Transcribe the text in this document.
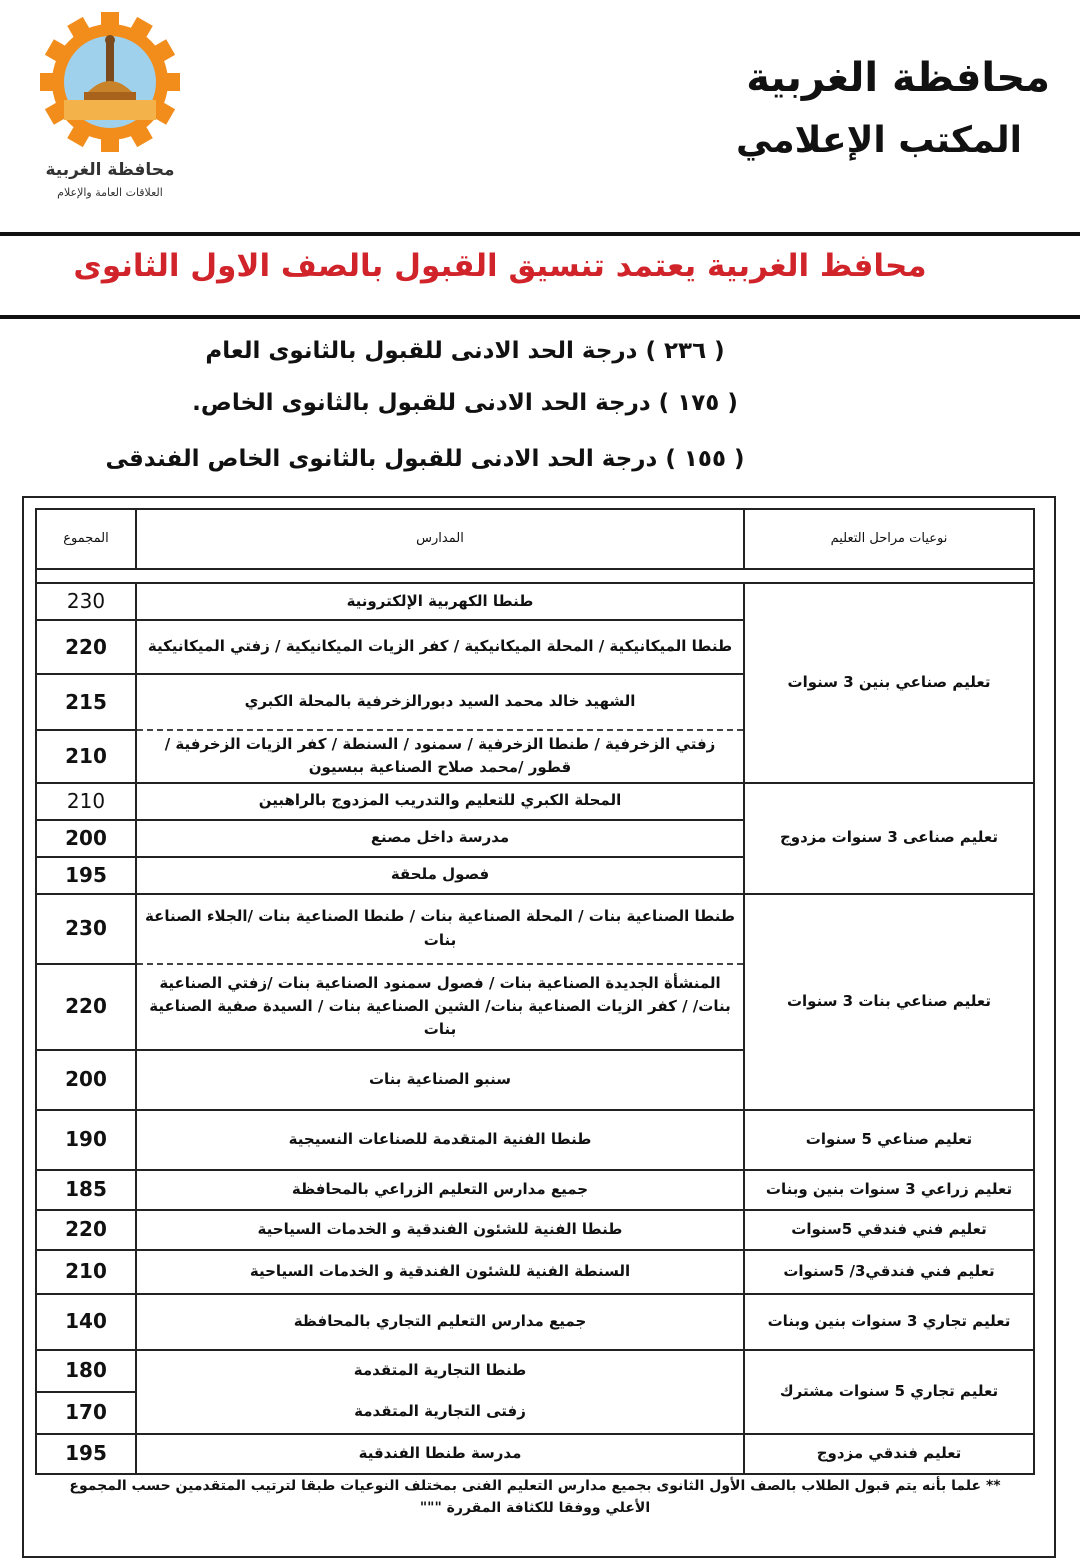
محافظة الغربية
العلاقات العامة والإعلام
محافظة الغربية
المكتب الإعلامي
محافظ الغربية يعتمد تنسيق القبول بالصف الاول الثانوى
( ٢٣٦ ) درجة الحد الادنى للقبول بالثانوى العام
( ١٧٥ ) درجة الحد الادنى للقبول بالثانوى الخاص.
( ١٥٥ ) درجة الحد الادنى للقبول بالثانوى الخاص الفندقى
نوعيات مراحل التعليم	المدارس	المجموع

تعليم صناعي بنين 3 سنوات	طنطا الكهربية الإلكترونية	230
	طنطا الميكانيكية / المحلة الميكانيكية / كفر الزيات الميكانيكية / زفتي الميكانيكية	220
	الشهيد خالد محمد السيد دبورالزخرفية بالمحلة الكبري	215
	زفتي الزخرفية / طنطا الزخرفية / سمنود / السنطة / كفر الزيات الزخرفية / قطور /محمد صلاح الصناعية ببسيون	210
تعليم صناعى 3 سنوات مزدوج	المحلة الكبري للتعليم والتدريب المزدوج بالراهبين	210
	مدرسة داخل مصنع	200
	فصول ملحقة	195
تعليم صناعي بنات 3 سنوات	طنطا الصناعية بنات / المحلة الصناعية بنات / طنطا الصناعية بنات /الجلاء الصناعة بنات	230
	المنشأة الجديدة الصناعية بنات / فصول سمنود الصناعية بنات /زفتي الصناعية بنات/ / كفر الزيات الصناعية بنات/ الشين الصناعية بنات / السيدة صفية الصناعية بنات	220
	سنبو الصناعية بنات	200
تعليم صناعي 5 سنوات	طنطا الفنية المتقدمة للصناعات النسيجية	190
تعليم زراعي 3 سنوات بنين وبنات	جميع مدارس التعليم الزراعي بالمحافظة	185
تعليم فني فندقي 5سنوات	طنطا الفنية للشئون الفندقية و الخدمات السياحية	220
تعليم فني فندقي3/ 5سنوات	السنطة الفنية للشئون الفندقية و الخدمات السياحية	210
تعليم تجاري 3 سنوات بنين وبنات	جميع مدارس التعليم التجاري بالمحافظة	140
تعليم تجاري 5 سنوات مشترك	طنطا التجارية المتقدمة	180
	زفتى التجارية المتقدمة	170
تعليم فندقي مزدوج	مدرسة طنطا الفندقية	195
** علما بأنه يتم قبول الطلاب بالصف الأول الثانوى بجميع مدارس التعليم الفنى بمختلف النوعيات طبقا لترتيب المتقدمين حسب المجموع الأعلي ووفقا للكثافة المقررة """
